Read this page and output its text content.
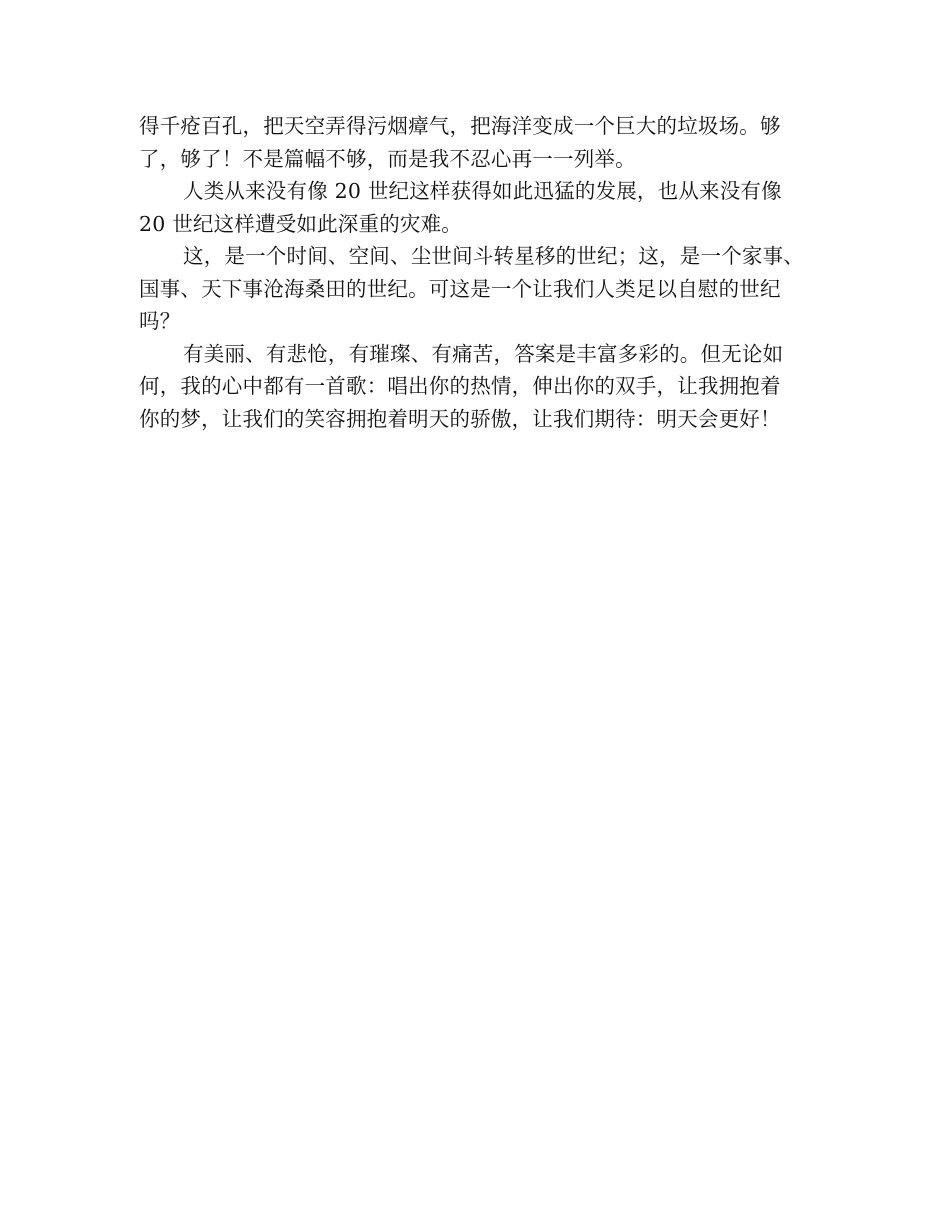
得千疮百孔，把天空弄得污烟瘴气，把海洋变成一个巨大的垃圾场。够
了，够了！不是篇幅不够，而是我不忍心再一一列举。
人类从来没有像 20 世纪这样获得如此迅猛的发展，也从来没有像
20 世纪这样遭受如此深重的灾难。
这，是一个时间、空间、尘世间斗转星移的世纪；这，是一个家事、
国事、天下事沧海桑田的世纪。可这是一个让我们人类足以自慰的世纪
吗？
有美丽、有悲怆，有璀璨、有痛苦，答案是丰富多彩的。但无论如
何，我的心中都有一首歌：唱出你的热情，伸出你的双手，让我拥抱着
你的梦，让我们的笑容拥抱着明天的骄傲，让我们期待：明天会更好！
